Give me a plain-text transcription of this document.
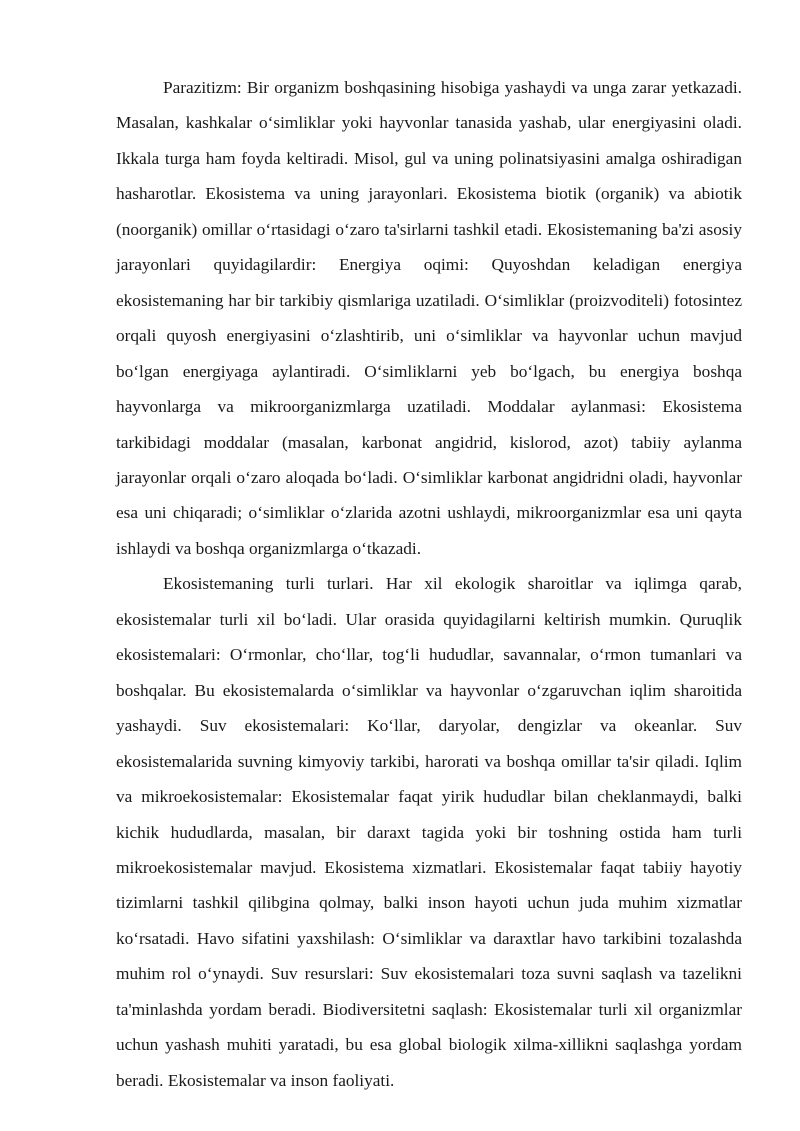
Parazitizm: Bir organizm boshqasining hisobiga yashaydi va unga zarar yetkazadi. Masalan, kashkalar o‘simliklar yoki hayvonlar tanasida yashab, ular energiyasini oladi. Ikkala turga ham foyda keltiradi. Misol, gul va uning polinatsiyasini amalga oshiradigan hasharotlar. Ekosistema va uning jarayonlari. Ekosistema biotik (organik) va abiotik (noorganik) omillar o‘rtasidagi o‘zaro ta'sirlarni tashkil etadi. Ekosistemaning ba'zi asosiy jarayonlari quyidagilardir: Energiya oqimi: Quyoshdan keladigan energiya ekosistemaning har bir tarkibiy qismlariga uzatiladi. O‘simliklar (proizvoditeli) fotosintez orqali quyosh energiyasini o‘zlashtirib, uni o‘simliklar va hayvonlar uchun mavjud bo‘lgan energiyaga aylantiradi. O‘simliklarni yeb bo‘lgach, bu energiya boshqa hayvonlarga va mikroorganizmlarga uzatiladi. Moddalar aylanmasi: Ekosistema tarkibidagi moddalar (masalan, karbonat angidrid, kislorod, azot) tabiiy aylanma jarayonlar orqali o‘zaro aloqada bo‘ladi. O‘simliklar karbonat angidridni oladi, hayvonlar esa uni chiqaradi; o‘simliklar o‘zlarida azotni ushlaydi, mikroorganizmlar esa uni qayta ishlaydi va boshqa organizmlarga o‘tkazadi.

Ekosistemaning turli turlari. Har xil ekologik sharoitlar va iqlimga qarab, ekosistemalar turli xil bo‘ladi. Ular orasida quyidagilarni keltirish mumkin. Quruqlik ekosistemalari: O‘rmonlar, cho‘llar, tog‘li hududlar, savannalar, o‘rmon tumanlari va boshqalar. Bu ekosistemalarda o‘simliklar va hayvonlar o‘zgaruvchan iqlim sharoitida yashaydi. Suv ekosistemalari: Ko‘llar, daryolar, dengizlar va okeanlar. Suv ekosistemalarida suvning kimyoviy tarkibi, harorati va boshqa omillar ta'sir qiladi. Iqlim va mikroekosistemalar: Ekosistemalar faqat yirik hududlar bilan cheklanmaydi, balki kichik hududlarda, masalan, bir daraxt tagida yoki bir toshning ostida ham turli mikroekosistemalar mavjud. Ekosistema xizmatlari. Ekosistemalar faqat tabiiy hayotiy tizimlarni tashkil qilibgina qolmay, balki inson hayoti uchun juda muhim xizmatlar ko‘rsatadi. Havo sifatini yaxshilash: O‘simliklar va daraxtlar havo tarkibini tozalashda muhim rol o‘ynaydi. Suv resurslari: Suv ekosistemalari toza suvni saqlash va tazelikni ta'minlashda yordam beradi. Biodiversitetni saqlash: Ekosistemalar turli xil organizmlar uchun yashash muhiti yaratadi, bu esa global biologik xilma-xillikni saqlashga yordam beradi. Ekosistemalar va inson faoliyati.
